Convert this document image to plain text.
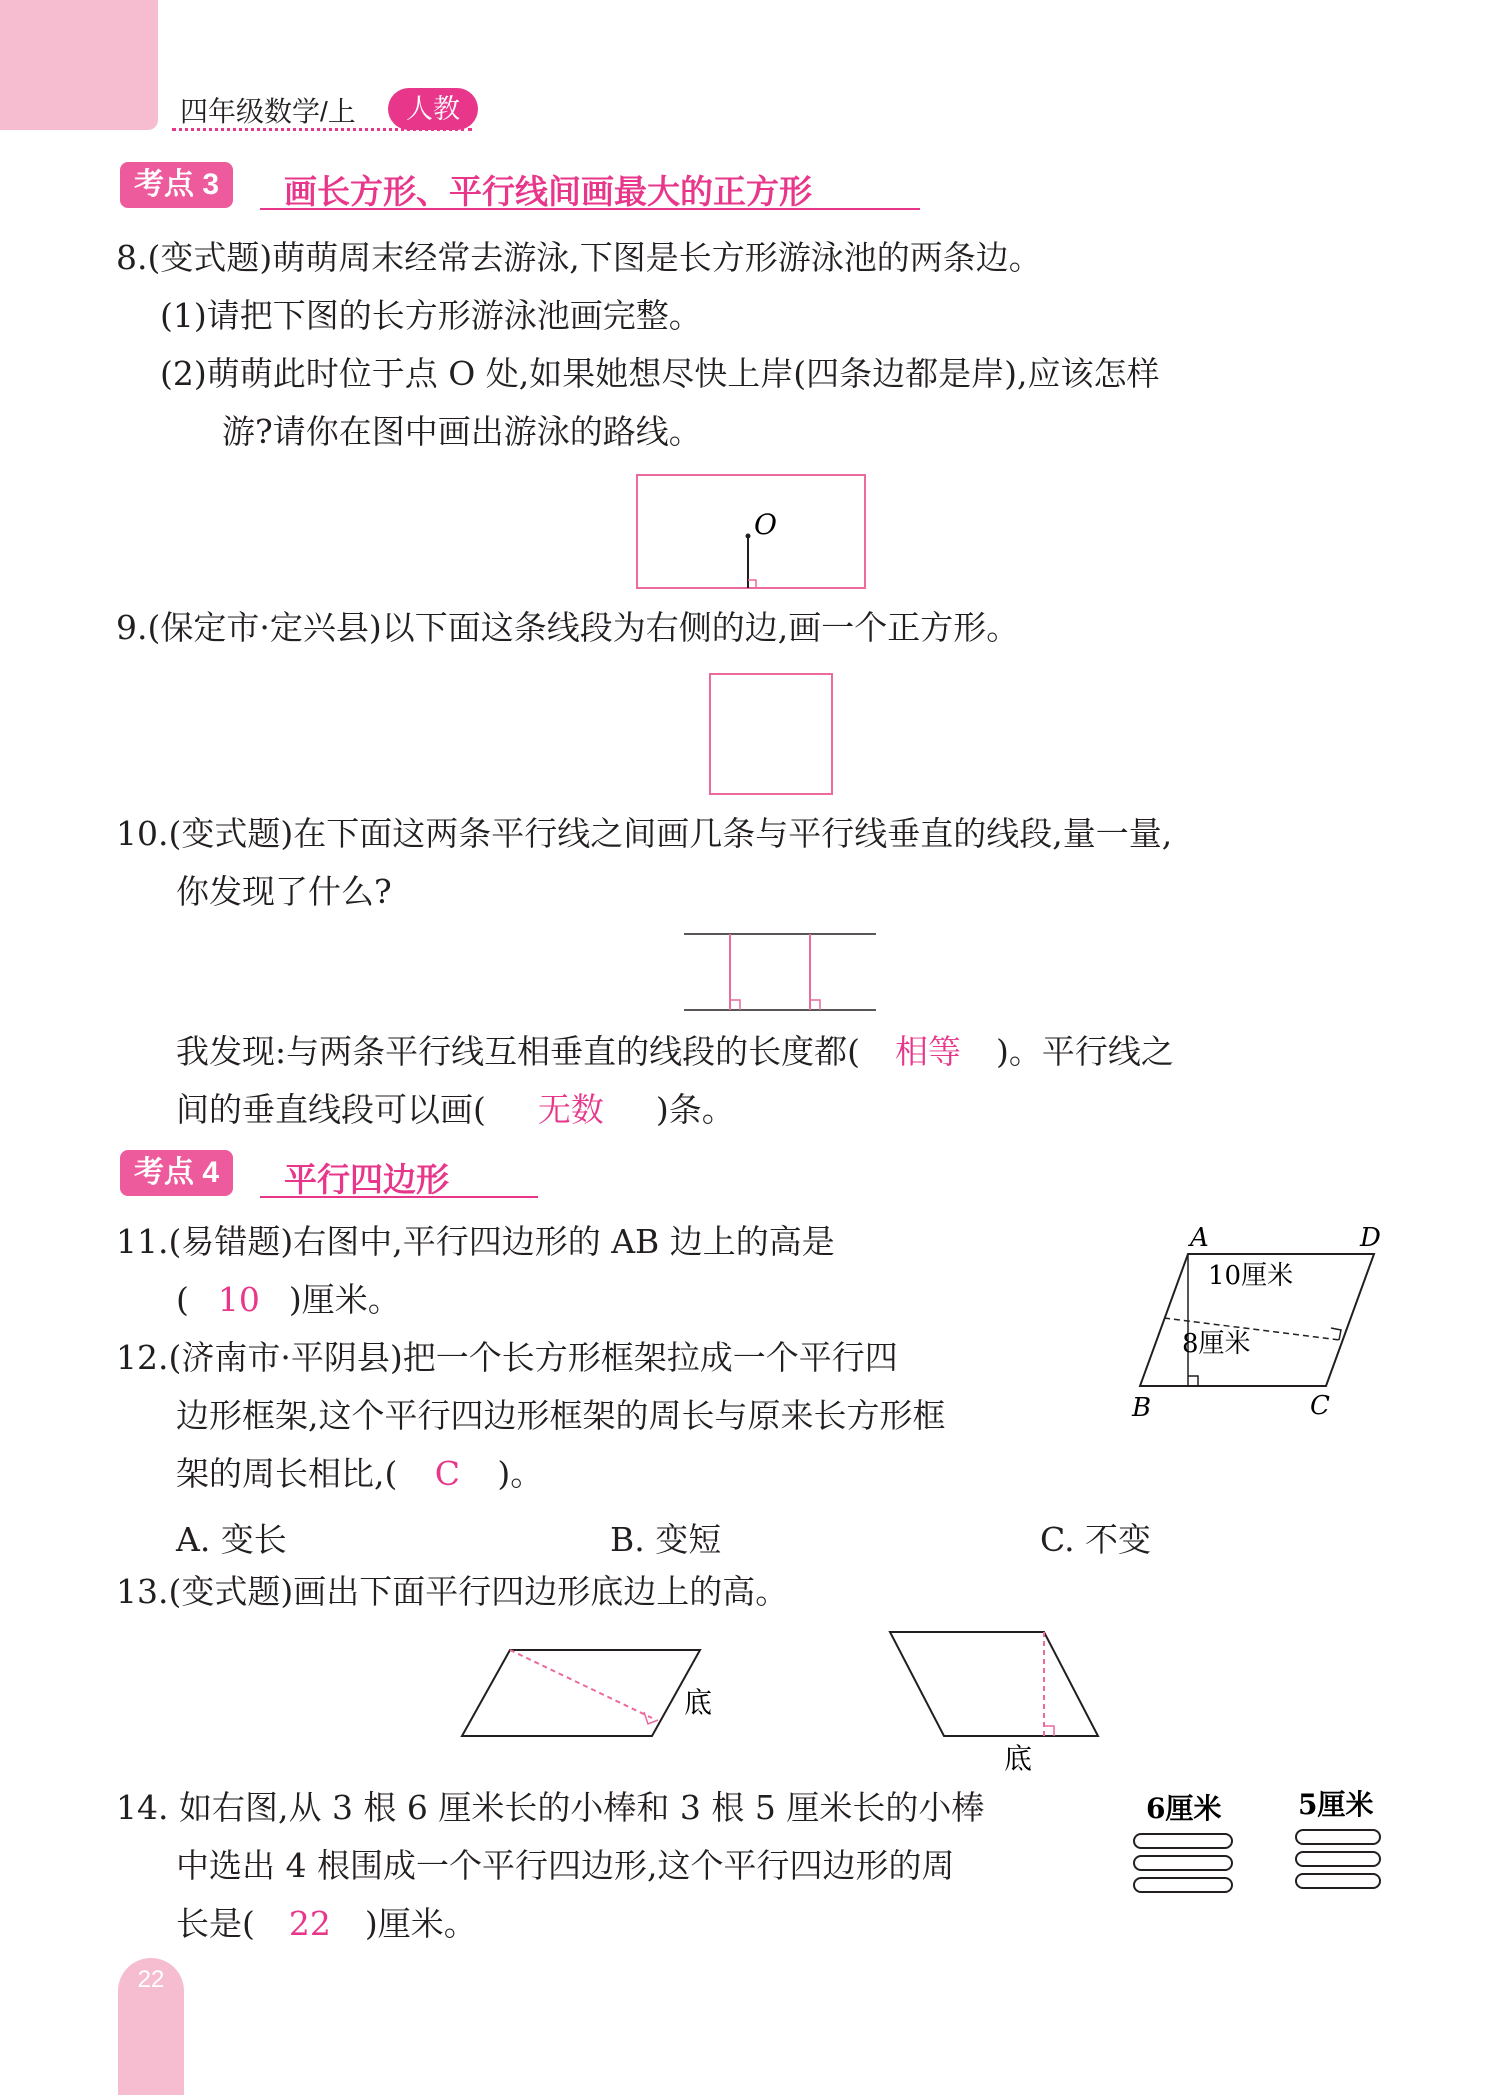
四年级数学/上	人教
考点 3	画长方形、平行线间画最大的正方形
8.(变式题)萌萌周末经常去游泳,下图是长方形游泳池的两条边。
(1)请把下图的长方形游泳池画完整。
(2)萌萌此时位于点 O 处,如果她想尽快上岸(四条边都是岸),应该怎样
游?请你在图中画出游泳的路线。
O
9.(保定市·定兴县)以下面这条线段为右侧的边,画一个正方形。
10.(变式题)在下面这两条平行线之间画几条与平行线垂直的线段,量一量,
你发现了什么?
我发现:与两条平行线互相垂直的线段的长度都( 相等 )。平行线之
间的垂直线段可以画( 无数 )条。
考点 4	平行四边形
11.(易错题)右图中,平行四边形的 AB 边上的高是
( 10 )厘米。
A	D
B	C
10厘米
8厘米
12.(济南市·平阴县)把一个长方形框架拉成一个平行四
边形框架,这个平行四边形框架的周长与原来长方形框
架的周长相比,( C )。
A. 变长	B. 变短	C. 不变
13.(变式题)画出下面平行四边形底边上的高。
底
底
14. 如右图,从 3 根 6 厘米长的小棒和 3 根 5 厘米长的小棒
中选出 4 根围成一个平行四边形,这个平行四边形的周
长是( 22 )厘米。
6厘米	5厘米
22
